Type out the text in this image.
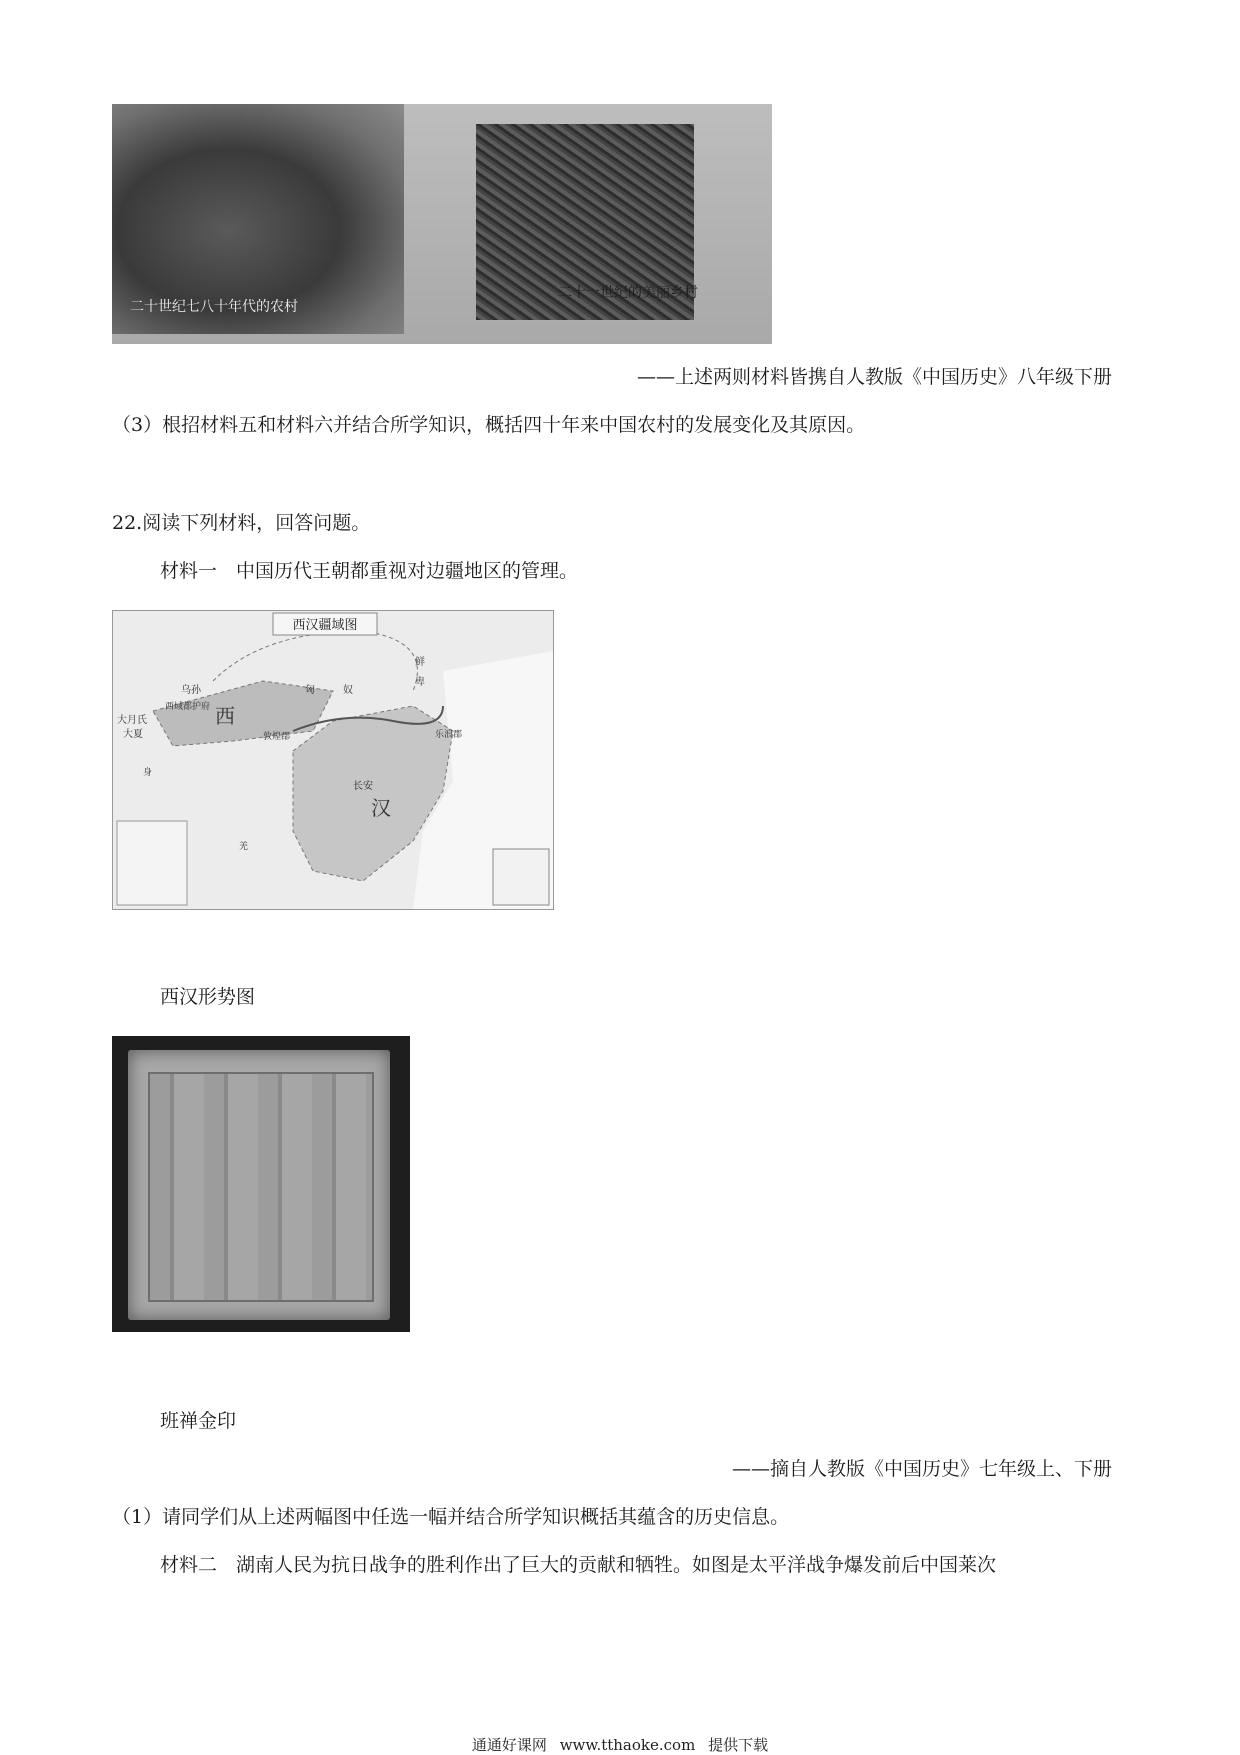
二十世纪七八十年代的农村
二十一世纪的美丽乡村
——上述两则材料皆携自人教版《中国历史》八年级下册
（3）根招材料五和材料六并结合所学知识，概括四十年来中国农村的发展变化及其原因。
22.阅读下列材料，回答问题。
材料一　中国历代王朝都重视对边疆地区的管理。
西汉疆域图
乌孙
西域都护府 西
匈	奴
鲜
卑
大月氏
大夏	敦煌郡	乐浪郡
长安
汉
身
羌
西汉形势图
班禅金印
——摘自人教版《中国历史》七年级上、下册
（1）请同学们从上述两幅图中任选一幅并结合所学知识概括其蕴含的历史信息。
材料二　湖南人民为抗日战争的胜利作出了巨大的贡献和牺牲。如图是太平洋战争爆发前后中国莱次
通通好课网 www.tthaoke.com 提供下载
